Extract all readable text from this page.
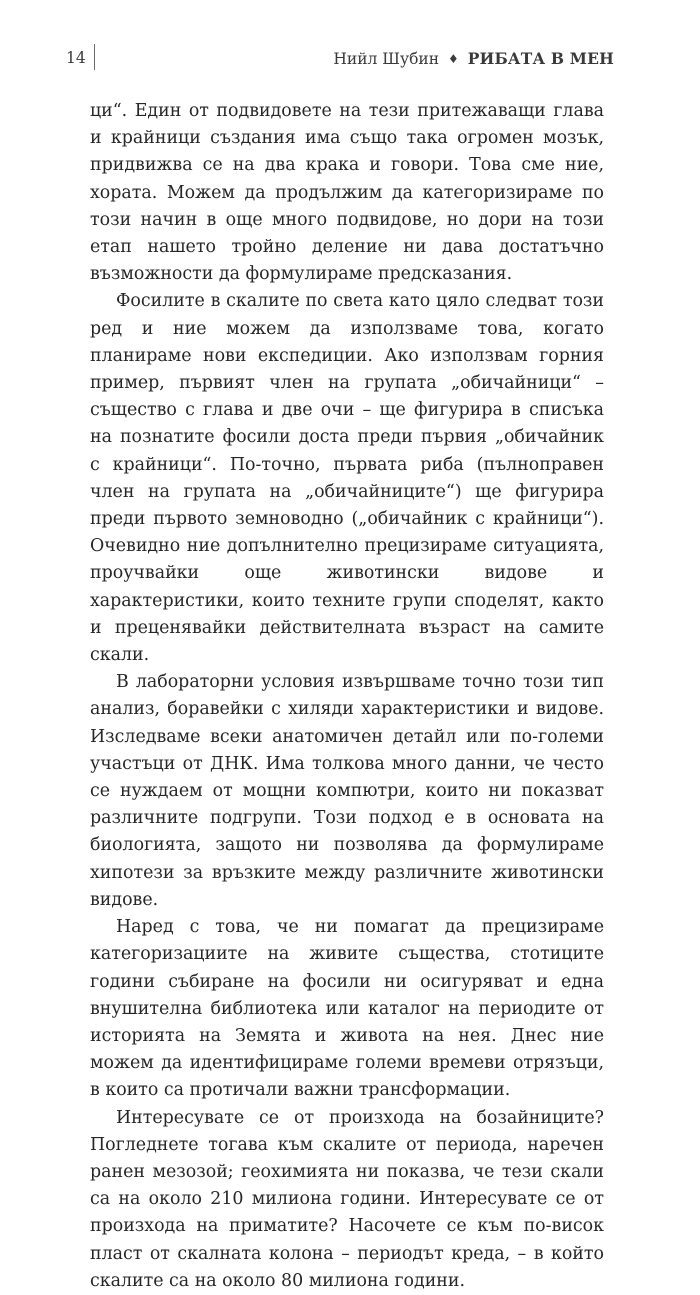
14	Нийл Шубин ♦ РИБАТА В МЕН

ци“. Един от подвидовете на тези притежаващи глава и крайници създания има също така огромен мозък, придвижва се на два крака и говори. Това сме ние, хората. Можем да продължим да категоризираме по този начин в още много подвидове, но дори на този етап нашето тройно деление ни дава достатъчно възможности да формулираме предсказания.

Фосилите в скалите по света като цяло следват този ред и ние можем да използваме това, когато планираме нови експедиции. Ако използвам горния пример, първият член на групата „обичайници“ – същество с глава и две очи – ще фигурира в списъка на познатите фосили доста преди първия „обичайник с крайници“. По-точно, първата риба (пълноправен член на групата на „обичайниците“) ще фигурира преди първото земноводно („обичайник с крайници“). Очевидно ние допълнително прецизираме ситуацията, проучвайки още животински видове и характеристики, които техните групи споделят, както и преценявайки действителната възраст на самите скали.

В лабораторни условия извършваме точно този тип анализ, боравейки с хиляди характеристики и видове. Изследваме всеки анатомичен детайл или по-големи участъци от ДНК. Има толкова много данни, че често се нуждаем от мощни компютри, които ни показват различните подгрупи. Този подход е в основата на биологията, защото ни позволява да формулираме хипотези за връзките между различните животински видове.

Наред с това, че ни помагат да прецизираме категоризациите на живите същества, стотиците години събиране на фосили ни осигуряват и една внушителна библиотека или каталог на периодите от историята на Земята и живота на нея. Днес ние можем да идентифицираме големи времеви отрязъци, в които са протичали важни трансформации.

Интересувате се от произхода на бозайниците? Погледнете тогава към скалите от периода, наречен ранен мезозой; геохимията ни показва, че тези скали са на около 210 милиона години. Интересувате се от произхода на приматите? Насочете се към по-висок пласт от скалната колона – периодът креда, – в който скалите са на около 80 милиона години.
